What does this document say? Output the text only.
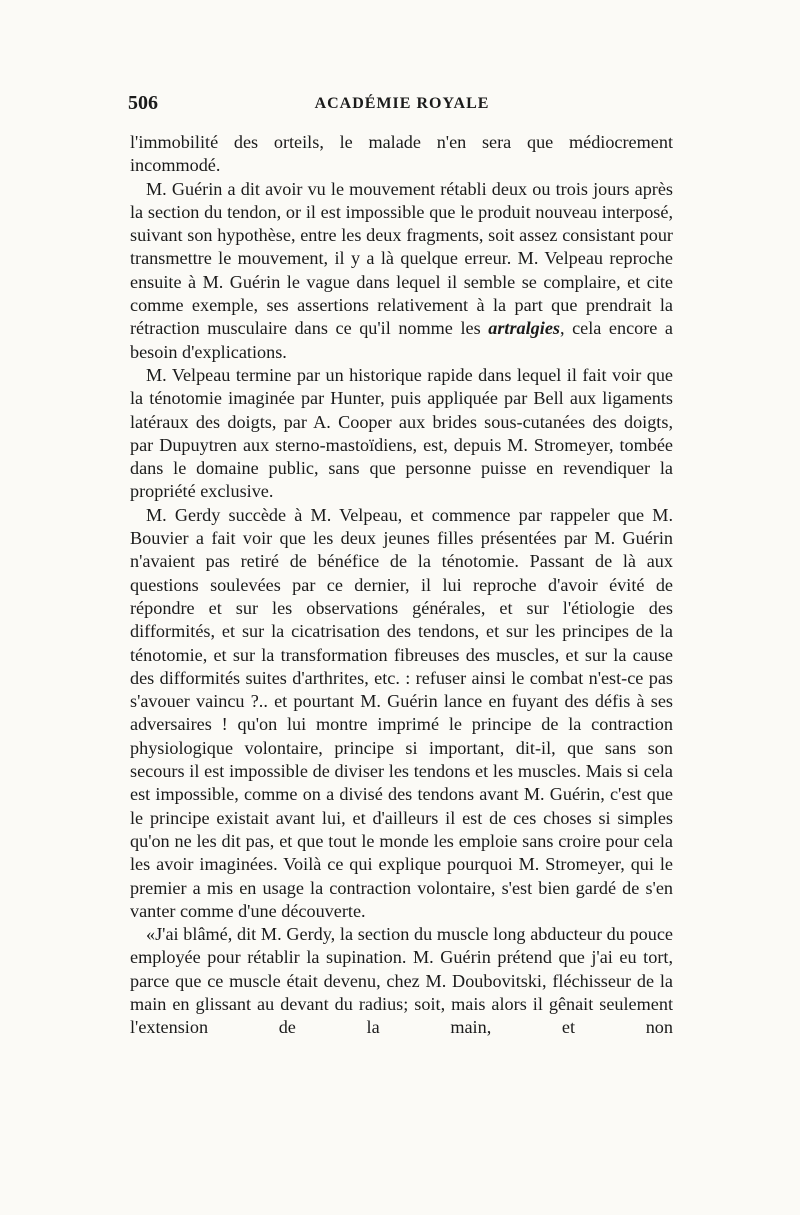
506	ACADÉMIE ROYALE

l'immobilité des orteils, le malade n'en sera que médiocrement incommodé.

M. Guérin a dit avoir vu le mouvement rétabli deux ou trois jours après la section du tendon, or il est impossible que le produit nouveau interposé, suivant son hypothèse, entre les deux fragments, soit assez consistant pour transmettre le mouvement, il y a là quelque erreur. M. Velpeau reproche ensuite à M. Guérin le vague dans lequel il semble se complaire, et cite comme exemple, ses assertions relativement à la part que prendrait la rétraction musculaire dans ce qu'il nomme les artralgies, cela encore a besoin d'explications.

M. Velpeau termine par un historique rapide dans lequel il fait voir que la ténotomie imaginée par Hunter, puis appliquée par Bell aux ligaments latéraux des doigts, par A. Cooper aux brides sous-cutanées des doigts, par Dupuytren aux sterno-mastoïdiens, est, depuis M. Stromeyer, tombée dans le domaine public, sans que personne puisse en revendiquer la propriété exclusive.

M. Gerdy succède à M. Velpeau, et commence par rappeler que M. Bouvier a fait voir que les deux jeunes filles présentées par M. Guérin n'avaient pas retiré de bénéfice de la ténotomie. Passant de là aux questions soulevées par ce dernier, il lui reproche d'avoir évité de répondre et sur les observations générales, et sur l'étiologie des difformités, et sur la cicatrisation des tendons, et sur les principes de la ténotomie, et sur la transformation fibreuses des muscles, et sur la cause des difformités suites d'arthrites, etc. : refuser ainsi le combat n'est-ce pas s'avouer vaincu ?.. et pourtant M. Guérin lance en fuyant des défis à ses adversaires ! qu'on lui montre imprimé le principe de la contraction physiologique volontaire, principe si important, dit-il, que sans son secours il est impossible de diviser les tendons et les muscles. Mais si cela est impossible, comme on a divisé des tendons avant M. Guérin, c'est que le principe existait avant lui, et d'ailleurs il est de ces choses si simples qu'on ne les dit pas, et que tout le monde les emploie sans croire pour cela les avoir imaginées. Voilà ce qui explique pourquoi M. Stromeyer, qui le premier a mis en usage la contraction volontaire, s'est bien gardé de s'en vanter comme d'une découverte.

«J'ai blâmé, dit M. Gerdy, la section du muscle long abducteur du pouce employée pour rétablir la supination. M. Guérin prétend que j'ai eu tort, parce que ce muscle était devenu, chez M. Doubovitski, fléchisseur de la main en glissant au devant du radius; soit, mais alors il gênait seulement l'extension de la main, et non
